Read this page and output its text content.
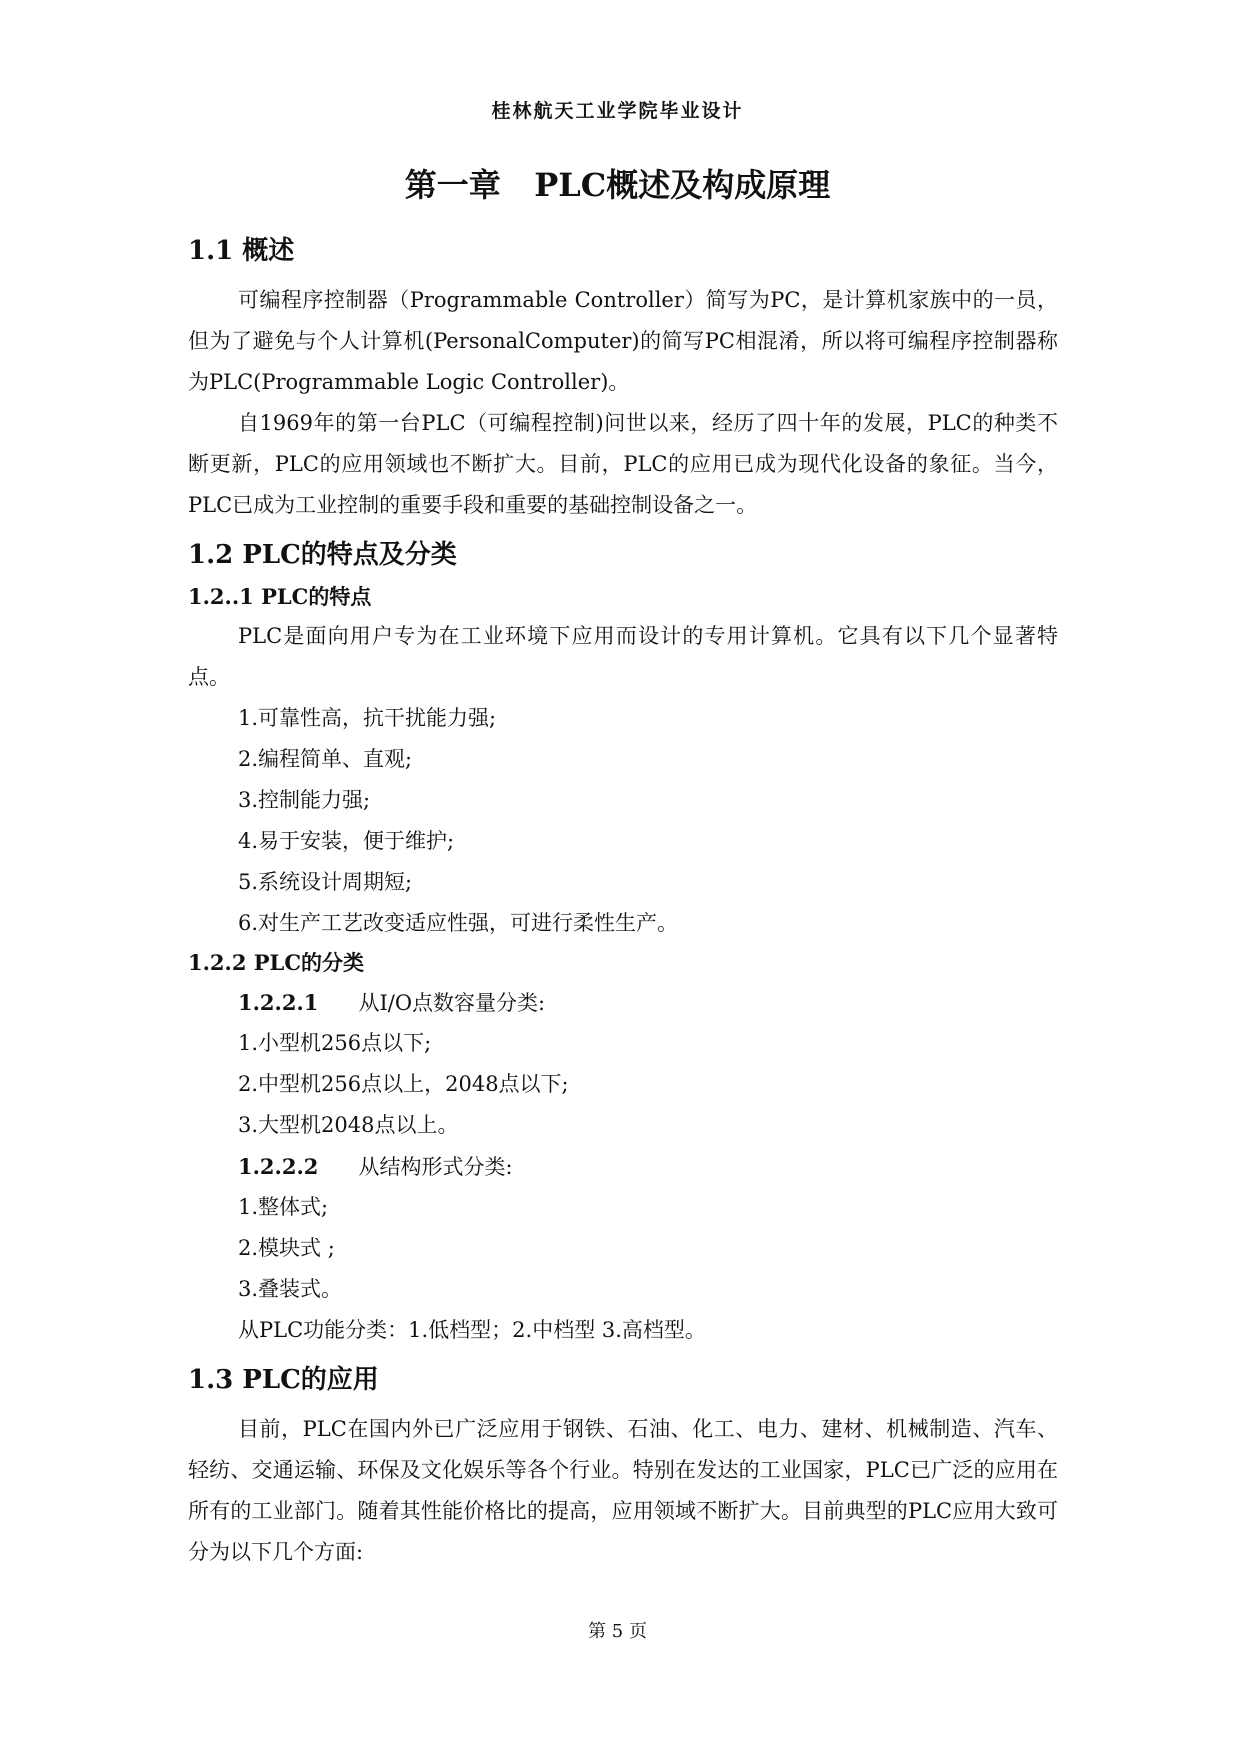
桂林航天工业学院毕业设计
第一章   PLC概述及构成原理
1.1 概述

可编程序控制器（Programmable Controller）简写为PC，是计算机家族中的一员，但为了避免与个人计算机(PersonalComputer)的简写PC相混淆，所以将可编程序控制器称为PLC(Programmable Logic Controller)。

自1969年的第一台PLC（可编程控制)问世以来，经历了四十年的发展，PLC的种类不断更新，PLC的应用领域也不断扩大。目前，PLC的应用已成为现代化设备的象征。当今，PLC已成为工业控制的重要手段和重要的基础控制设备之一。

1.2 PLC的特点及分类
1.2..1 PLC的特点

PLC是面向用户专为在工业环境下应用而设计的专用计算机。它具有以下几个显著特点。

1.可靠性高，抗干扰能力强;
2.编程简单、直观;
3.控制能力强;
4.易于安装，便于维护;
5.系统设计周期短;
6.对生产工艺改变适应性强，可进行柔性生产。
1.2.2 PLC的分类
1.2.2.1 从I/O点数容量分类:
1.小型机256点以下;
2.中型机256点以上，2048点以下;
3.大型机2048点以上。
1.2.2.2 从结构形式分类:
1.整体式;
2.模块式 ;
3.叠装式。
从PLC功能分类：1.低档型；2.中档型 3.高档型。
1.3 PLC的应用

目前，PLC在国内外已广泛应用于钢铁、石油、化工、电力、建材、机械制造、汽车、轻纺、交通运输、环保及文化娱乐等各个行业。特别在发达的工业国家，PLC已广泛的应用在所有的工业部门。随着其性能价格比的提高，应用领域不断扩大。目前典型的PLC应用大致可分为以下几个方面:

第 5 页
